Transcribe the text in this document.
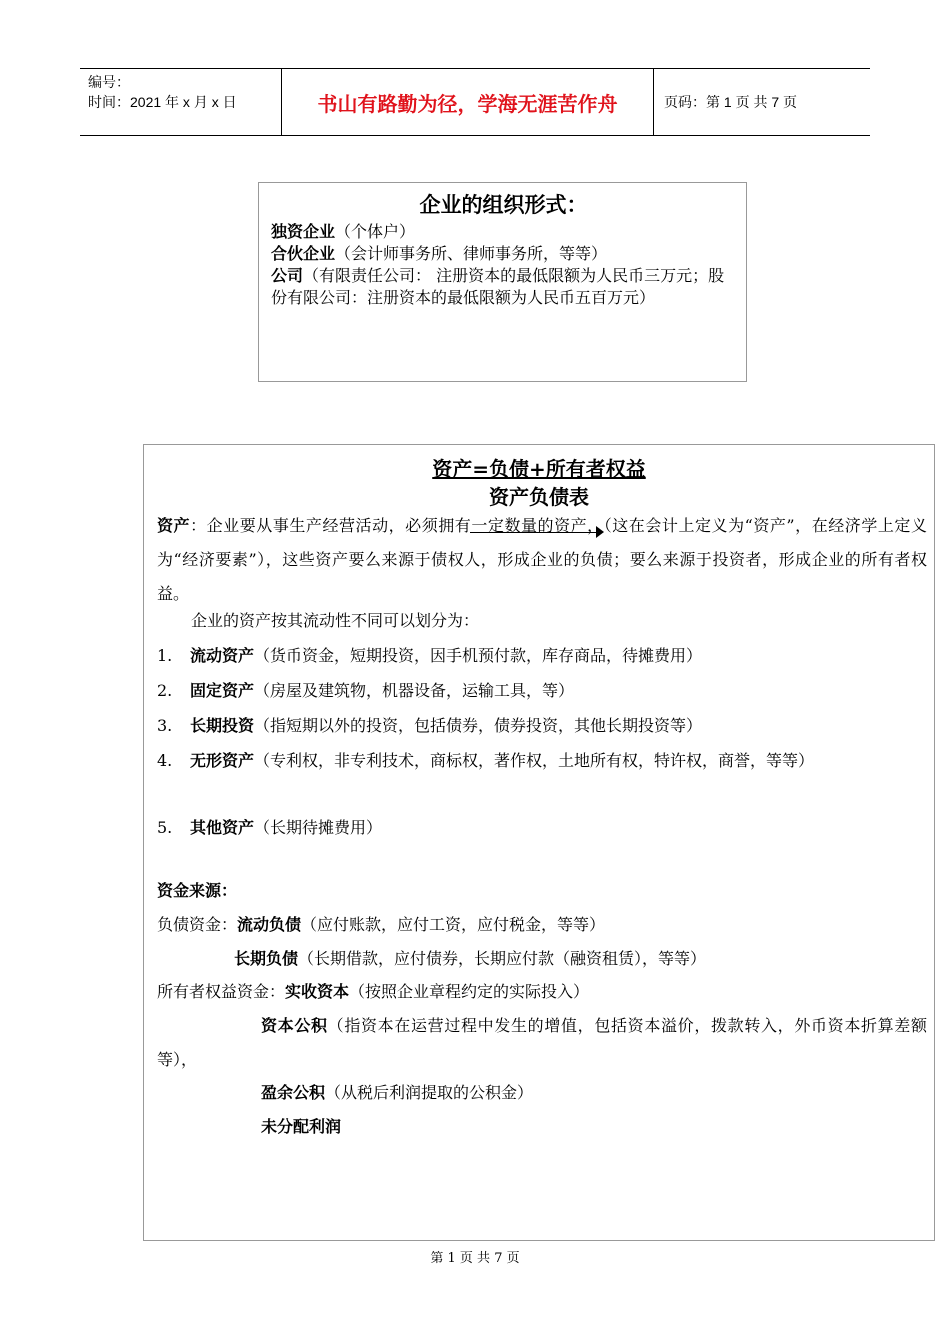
编号：
时间：2021 年 x 月 x 日	书山有路勤为径，学海无涯苦作舟	页码：第 1 页 共 7 页
企业的组织形式：
独资企业（个体户）
合伙企业（会计师事务所、律师事务所，等等）
公司（有限责任公司： 注册资本的最低限额为人民币三万元；股份有限公司：注册资本的最低限额为人民币五百万元）
资产=负债+所有者权益
资产负债表
资产：企业要从事生产经营活动，必须拥有一定数量的资产，（这在会计上定义为“资产”，在经济学上定义为“经济要素”），这些资产要么来源于债权人，形成企业的负债；要么来源于投资者，形成企业的所有者权益。
企业的资产按其流动性不同可以划分为：
1. 流动资产（货币资金，短期投资，因手机预付款，库存商品，待摊费用）
2. 固定资产（房屋及建筑物，机器设备，运输工具，等）
3. 长期投资（指短期以外的投资，包括债券，债券投资，其他长期投资等）
4. 无形资产（专利权，非专利技术，商标权，著作权，土地所有权，特许权，商誉，等等）
5. 其他资产（长期待摊费用）
资金来源：
负债资金：流动负债（应付账款，应付工资，应付税金，等等）
长期负债（长期借款，应付债券，长期应付款（融资租赁），等等）
所有者权益资金：实收资本（按照企业章程约定的实际投入）
资本公积（指资本在运营过程中发生的增值，包括资本溢价，拨款转入，外币资本折算差额等），
盈余公积（从税后利润提取的公积金）
未分配利润
第 1 页 共 7 页
